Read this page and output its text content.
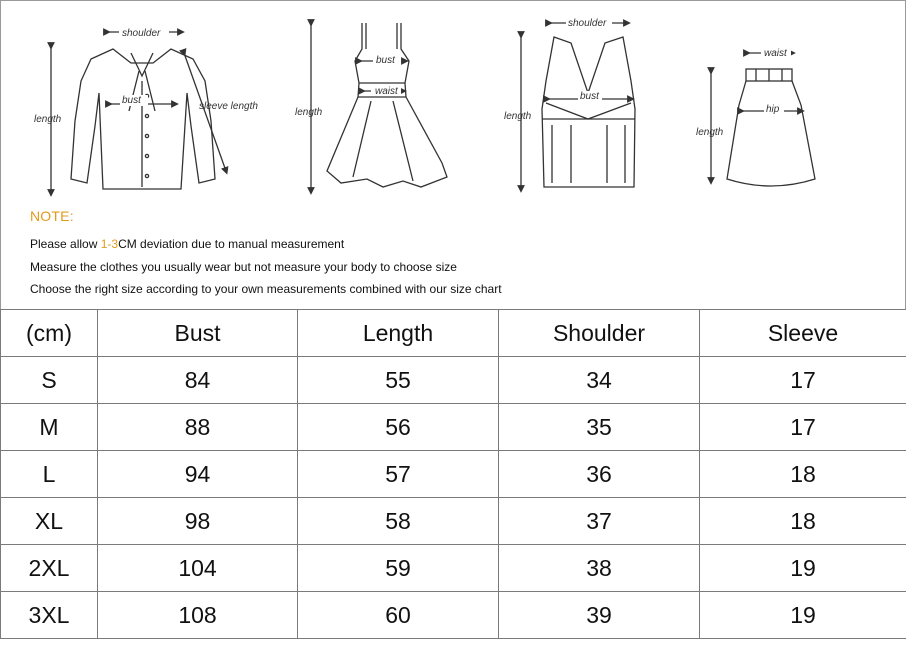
shoulder
bust
length
sleeve length
bust
waist
length
shoulder
bust
length
waist
hip
length
NOTE:
Please allow 1-3CM deviation due to manual measurement
Measure the clothes you usually wear but not measure your body to choose size
Choose the right size according to your own measurements combined with our size chart
(cm)	Bust	Length	Shoulder	Sleeve
S	84	55	34	17
M	88	56	35	17
L	94	57	36	18
XL	98	58	37	18
2XL	104	59	38	19
3XL	108	60	39	19
